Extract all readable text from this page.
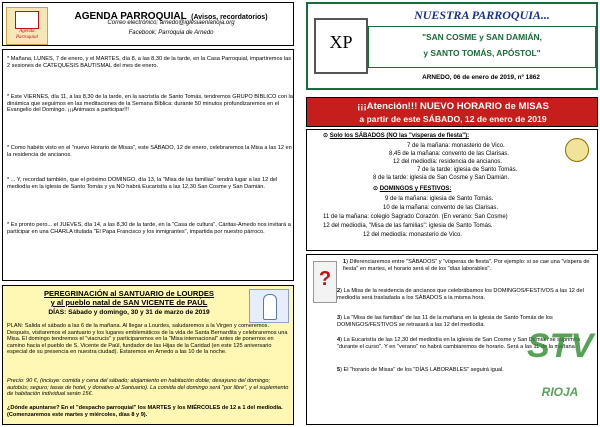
Agenda Parroquial
AGENDA PARROQUIAL (Avisos, recordatorios)
Correo electrónico; arnedo@iglesiaenlarioja.org
Facebook; Parroquia de Arnedo

* Mañana, LUNES, 7 de enero, y el MARTES, día 8, a las 8,30 de la tarde, en la Casa Parroquial, impartiremos las 2 sesiones de CATEQUESIS BAUTISMAL del mes de enero.

* Este VIERNES, día 11, a las 8,30 de la tarde, en la sacristía de Santo Tomás, tendremos GRUPO BÍBLICO con la dinámica que seguimos en las meditaciones de la Semana Bíblica: durante 50 minutos profundizaremos en el Evangelio del Domingo. ¡¡¡Animaos a participar!!!

* Como habéis visto en el "nuevo Horario de Misas", este SÁBADO, 12 de enero, celebraremos la Misa a las 12 en la residencia de ancianos.

* ... Y, recordad también, que el próximo DOMINGO, día 13, la "Misa de las familias" tendrá lugar a las 12 del mediodía en la iglesia de Santo Tomás y ya NO habrá Eucaristía a las 12,30 San Cosme y San Damián.

* Es pronto pero... el JUEVES, día 14, a las 8,30 de la tarde, en la "Casa de cultura", Cáritas-Arnedo nos invitará a participar en una CHARLA titulada "El Papa Francisco y los inmigrantes", impartida por nuestro párroco.

PEREGRINACIÓN al SANTUARIO de LOURDES
y al pueblo natal de SAN VICENTE de PAÚL
DÍAS: Sábado y domingo, 30 y 31 de marzo de 2019

PLAN: Salida el sábado a las 6 de la mañana. Al llegar a Lourdes, saludaremos a la Virgen y comeremos. Después, visitaremos el santuario y los lugares emblemáticos de la vida de Santa Bernardita y celebraremos una Misa. El domingo tendremos el "viacrucis" y participaremos en la "Misa internacional" antes de ponernos en camino hacia el pueblo de S. Vicente de Paúl, fundador de las Hijas de la Caridad (en este 125 aniversario especial de su presencia en nuestra ciudad). Estaremos en Arnedo a las 10 de la noche.

Precio: 90 €, (incluye: comida y cena del sábado; alojamiento en habitación doble; desayuno del domingo; autobús; seguro; tasas de hotel, y donativo al Santuario). La comida del domingo será "por libre", y el suplemento de habitación individual serán 15€.

¿Dónde apuntarse? En el "despacho parroquial" los MARTES y los MIÉRCOLES de 12 a 1 del mediodía. (Comenzaremos este martes y miércoles, días 8 y 9).

XP
NUESTRA PARROQUIA...
"SAN COSME y SAN DAMIÁN,
y SANTO TOMÁS, APÓSTOL"
ARNEDO, 06 de enero de 2019, nº 1862
¡¡¡Atención!!! NUEVO HORARIO de MISAS
a partir de este SÁBADO, 12 de enero de 2019
⊙ Solo los SÁBADOS (NO las "vísperas de fiesta"):
7 de la mañana: monasterio de Vico.
8,45 de la mañana: convento de las Clarisas.
12 del mediodía: residencia de ancianos.
7 de la tarde: iglesia de Santo Tomás.
8 de la tarde: iglesia de San Cosme y San Damián.
⊙ DOMINGOS y FESTIVOS:
9 de la mañana: iglesia de Santo Tomás.
10 de la mañana: convento de las Clarisas.
11 de la mañana: colegio Sagrado Corazón. (En verano: San Cosme)
12 del mediodía, "Misa de las familias": iglesia de Santo Tomás.
12 del mediodía: monasterio de Vico.
?

1) Diferenciaremos entre "SÁBADOS" y "vísperas de fiesta". Por ejemplo: si se cae una "víspera de fiesta" en martes, el horario será el de los "días laborables".

2) La Misa de la residencia de ancianos que celebrábamos los DOMINGOS/FESTIVOS a las 12 del mediodía será trasladada a los SÁBADOS a la misma hora.

3) La "Misa de las familias" de las 11 de la mañana en la iglesia de Santo Tomás de los DOMINGOS/FESTIVOS se retrasará a las 12 del mediodía.

4) La Eucaristía de las 12,30 del mediodía en la iglesia de San Cosme y San Damián se suprimirá "durante el curso". Y en "verano" no habrá cambiaremos de horario. Será a las 11 de la mañana.

5) El "horario de Misas" de los "DÍAS LABORABLES" seguirá igual.

STV
RIOJA
